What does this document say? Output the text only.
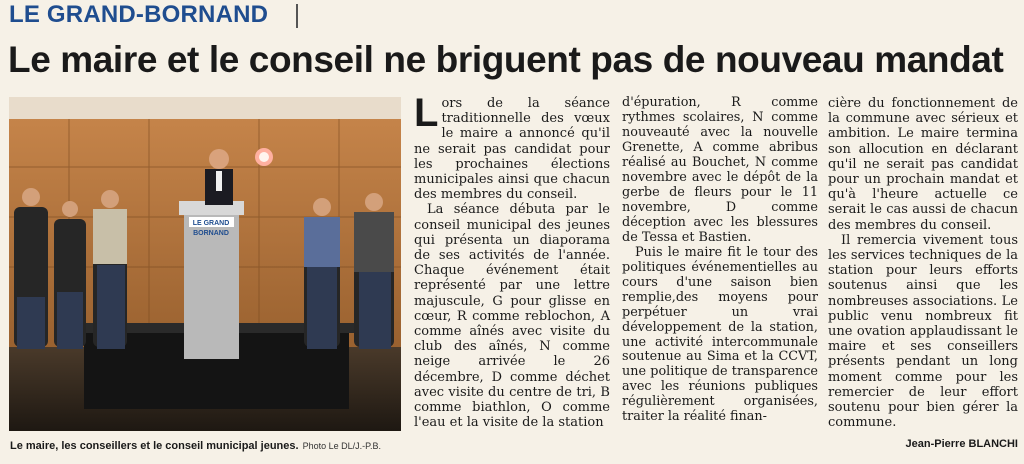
LE GRAND-BORNAND
Le maire et le conseil ne briguent pas de nouveau mandat
LE GRAND
BORNAND
Le maire, les conseillers et le conseil municipal jeunes. Photo Le DL/J.-P.B.

Lors de la séance traditionnelle des vœux le maire a annoncé qu'il ne serait pas candidat pour les prochaines élections municipales ainsi que chacun des membres du conseil.

La séance débuta par le conseil municipal des jeunes qui présenta un diaporama de ses activités de l'année. Chaque événement était représenté par une lettre majuscule, G pour glisse en cœur, R comme reblochon, A comme aînés avec visite du club des aînés, N comme neige arrivée le 26 décembre, D comme déchet avec visite du centre de tri, B comme biathlon, O comme l'eau et la visite de la station

d'épuration, R comme rythmes scolaires, N comme nouveauté avec la nouvelle Grenette, A comme abribus réalisé au Bouchet, N comme novembre avec le dépôt de la gerbe de fleurs pour le 11 novembre, D comme déception avec les blessures de Tessa et Bastien.

Puis le maire fit le tour des politiques événementielles au cours d'une saison bien remplie,des moyens pour perpétuer un vrai développement de la station, une activité intercommunale soutenue au Sima et la CCVT, une politique de transparence avec les réunions publiques régulièrement organisées, traiter la réalité finan-

cière du fonctionnement de la commune avec sérieux et ambition. Le maire termina son allocution en déclarant qu'il ne serait pas candidat pour un prochain mandat et qu'à l'heure actuelle ce serait le cas aussi de chacun des membres du conseil.

Il remercia vivement tous les services techniques de la station pour leurs efforts soutenus ainsi que les nombreuses associations. Le public venu nombreux fit une ovation applaudissant le maire et ses conseillers présents pendant un long moment comme pour les remercier de leur effort soutenu pour bien gérer la commune.

Jean-Pierre BLANCHI
